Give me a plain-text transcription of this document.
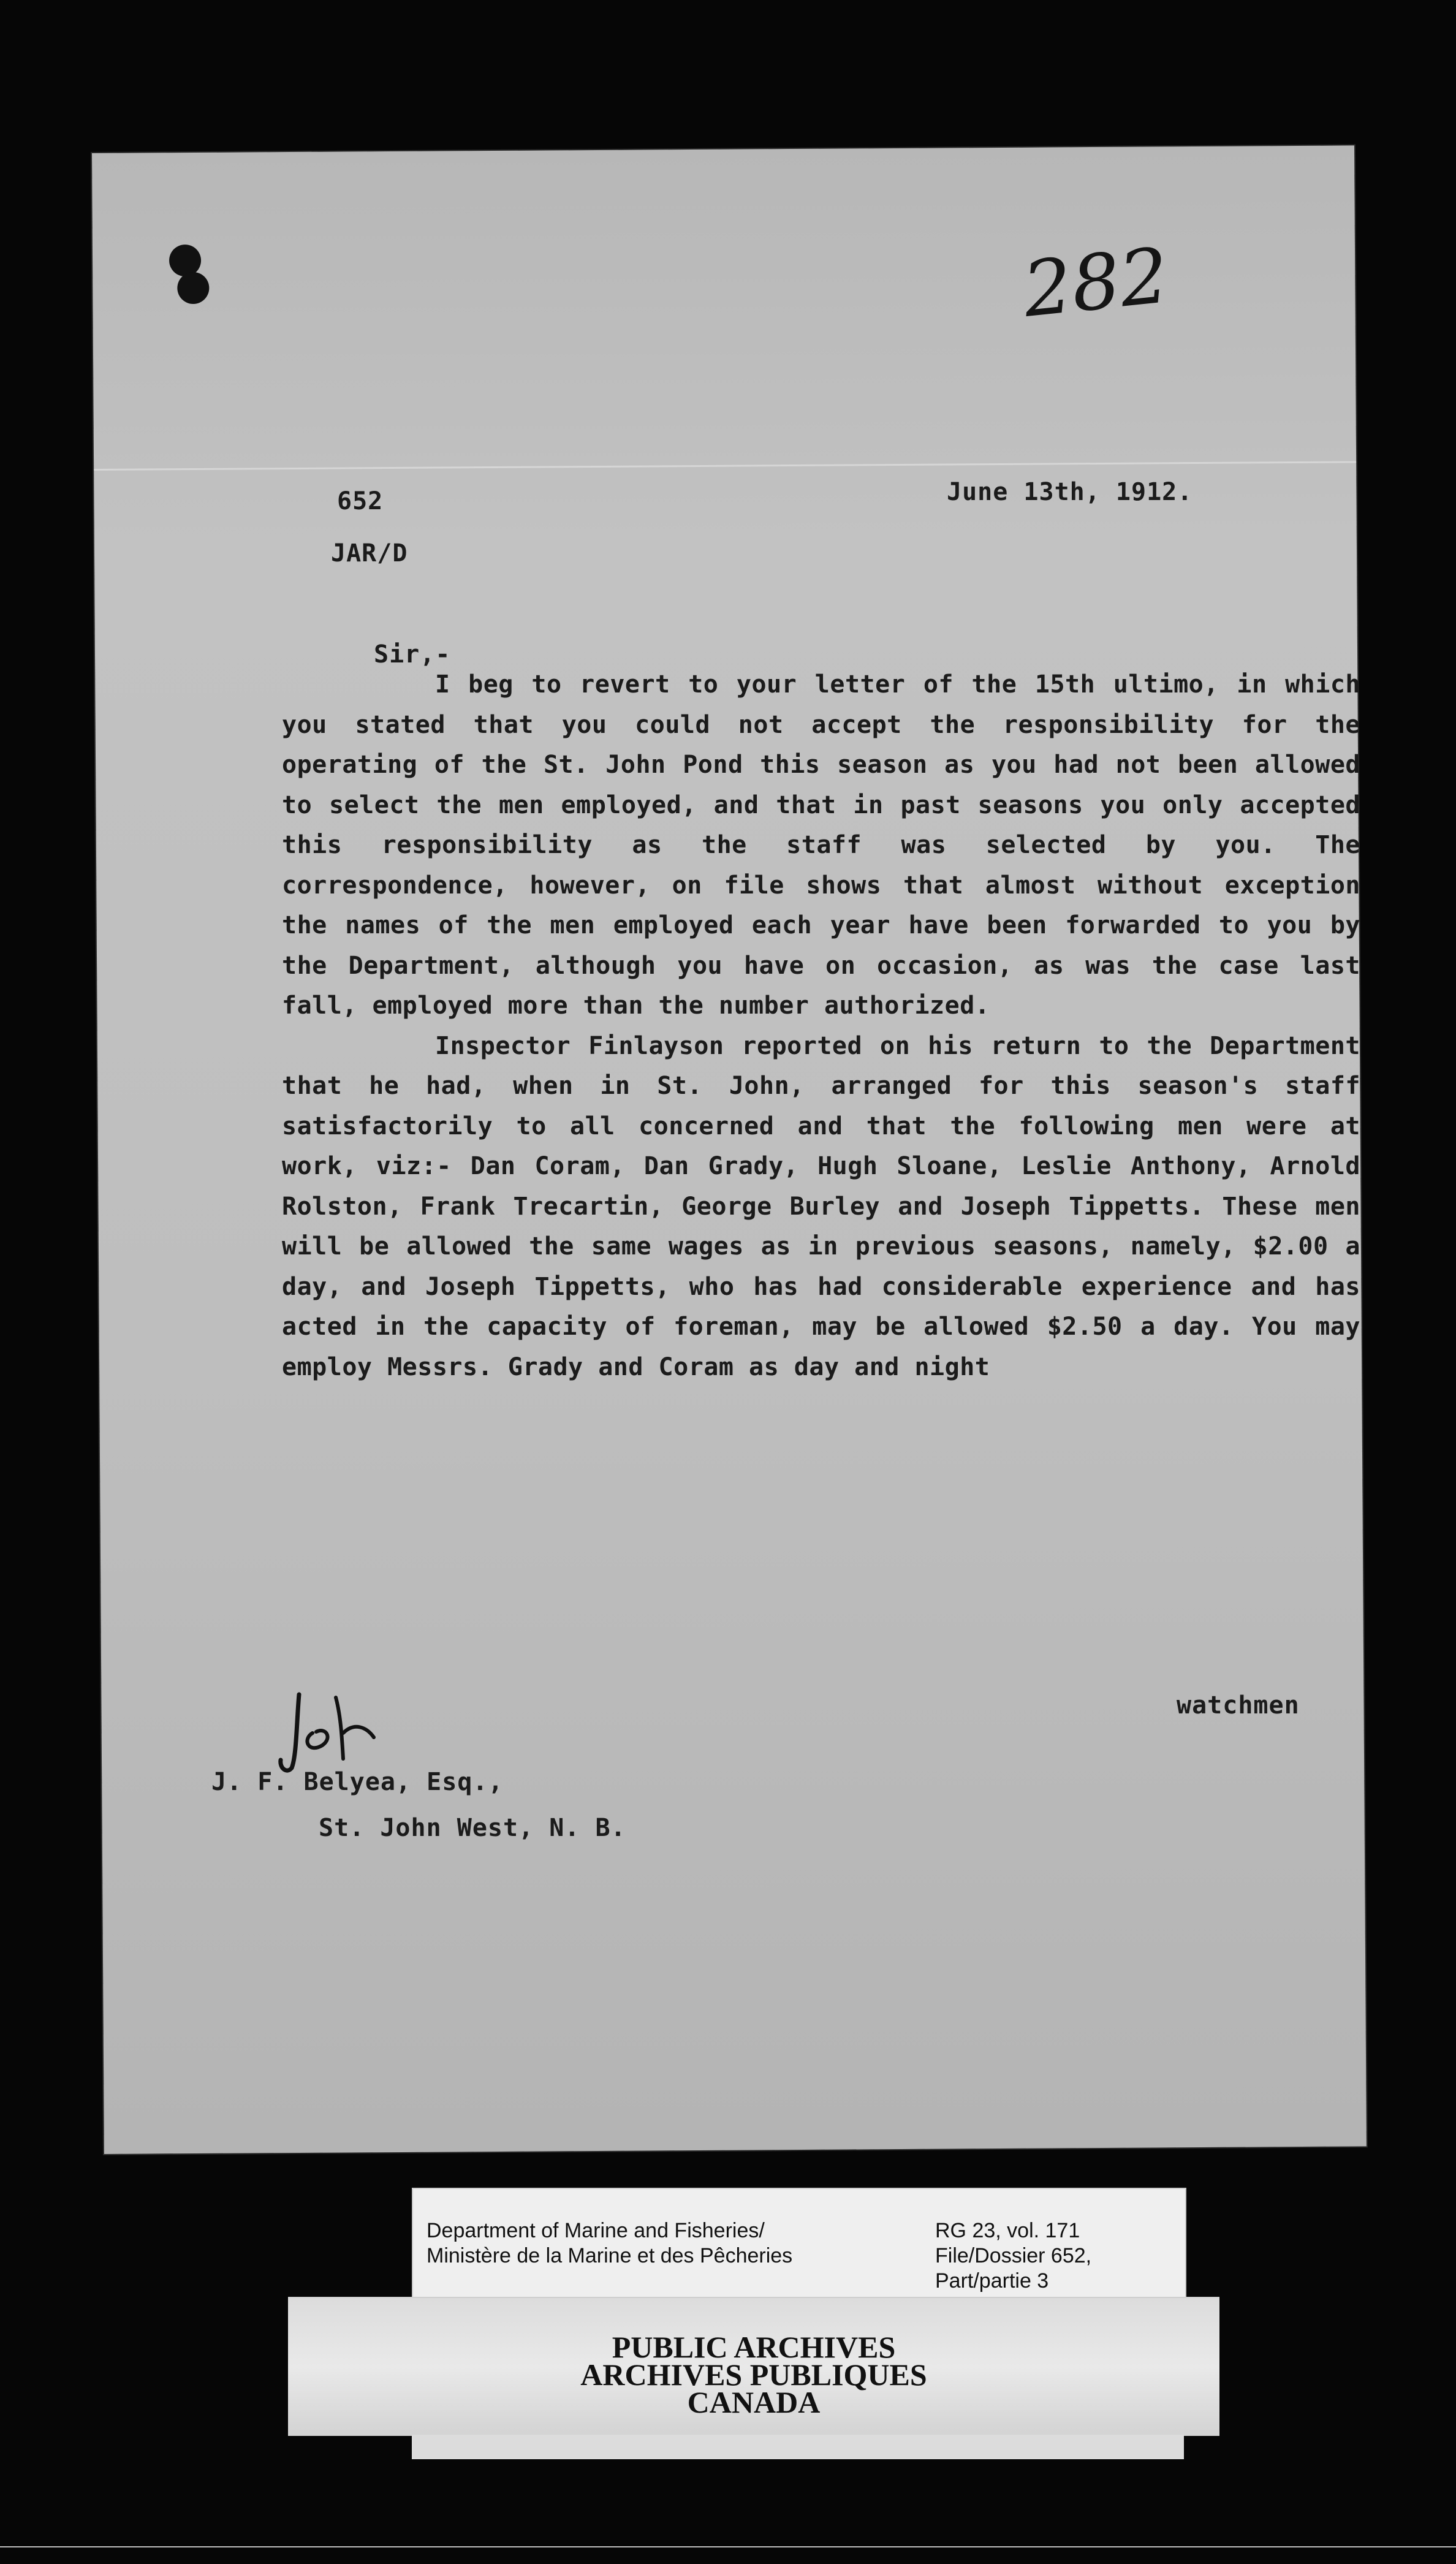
282
652
JAR/D
June 13th, 1912.
Sir,-

I beg to revert to your letter of the 15th ultimo, in which you stated that you could not accept the responsibility for the operating of the St. John Pond this season as you had not been allowed to select the men employed, and that in past seasons you only accepted this responsibility as the staff was selected by you. The correspondence, however, on file shows that almost without exception the names of the men employed each year have been forwarded to you by the Department, although you have on occasion, as was the case last fall, employed more than the number authorized.

Inspector Finlayson reported on his return to the Department that he had, when in St. John, arranged for this season's staff satisfactorily to all concerned and that the following men were at work, viz:- Dan Coram, Dan Grady, Hugh Sloane, Leslie Anthony, Arnold Rolston, Frank Trecartin, George Burley and Joseph Tippetts. These men will be allowed the same wages as in previous seasons, namely, $2.00 a day, and Joseph Tippetts, who has had considerable experience and has acted in the capacity of foreman, may be allowed $2.50 a day. You may employ Messrs. Grady and Coram as day and night

watchmen
J. F. Belyea, Esq.,
St. John West, N. B.
Department of Marine and Fisheries/
Ministère de la Marine et des Pêcheries
RG 23, vol. 171
File/Dossier 652,
Part/partie 3
PUBLIC ARCHIVES
ARCHIVES PUBLIQUES
CANADA
